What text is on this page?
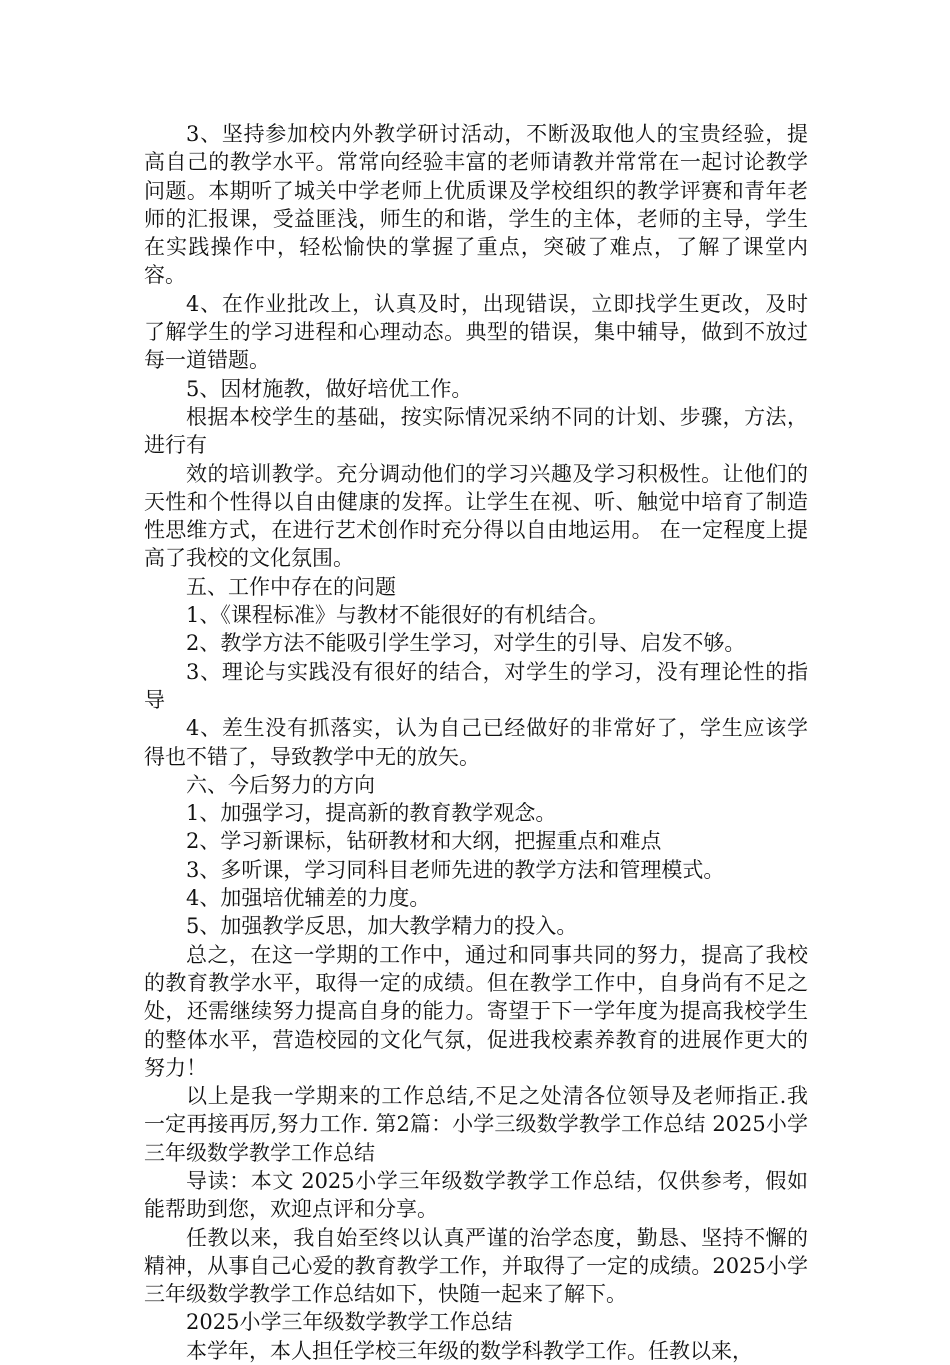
3、坚持参加校内外教学研讨活动，不断汲取他人的宝贵经验，提高自己的教学水平。常常向经验丰富的老师请教并常常在一起讨论教学问题。本期听了城关中学老师上优质课及学校组织的教学评赛和青年老师的汇报课，受益匪浅，师生的和谐，学生的主体，老师的主导，学生在实践操作中，轻松愉快的掌握了重点，突破了难点，了解了课堂内容。

4、在作业批改上，认真及时，出现错误，立即找学生更改，及时了解学生的学习进程和心理动态。典型的错误，集中辅导，做到不放过每一道错题。

5、因材施教，做好培优工作。

根据本校学生的基础，按实际情况采纳不同的计划、步骤，方法，进行有

效的培训教学。充分调动他们的学习兴趣及学习积极性。让他们的天性和个性得以自由健康的发挥。让学生在视、听、触觉中培育了制造性思维方式，在进行艺术创作时充分得以自由地运用。 在一定程度上提高了我校的文化氛围。

五、工作中存在的问题

1、《课程标准》与教材不能很好的有机结合。

2、教学方法不能吸引学生学习，对学生的引导、启发不够。

3、理论与实践没有很好的结合，对学生的学习，没有理论性的指导

4、差生没有抓落实，认为自己已经做好的非常好了，学生应该学得也不错了，导致教学中无的放矢。

六、今后努力的方向

1、加强学习，提高新的教育教学观念。

2、学习新课标，钻研教材和大纲，把握重点和难点

3、多听课，学习同科目老师先进的教学方法和管理模式。

4、加强培优辅差的力度。

5、加强教学反思，加大教学精力的投入。

总之，在这一学期的工作中，通过和同事共同的努力，提高了我校的教育教学水平，取得一定的成绩。但在教学工作中，自身尚有不足之处，还需继续努力提高自身的能力。寄望于下一学年度为提高我校学生的整体水平，营造校园的文化气氛，促进我校素养教育的进展作更大的努力！

以上是我一学期来的工作总结,不足之处清各位领导及老师指正.我一定再接再厉,努力工作. 第2篇：小学三级数学教学工作总结 2025小学三年级数学教学工作总结

导读：本文 2025小学三年级数学教学工作总结，仅供参考，假如能帮助到您，欢迎点评和分享。

任教以来，我自始至终以认真严谨的治学态度，勤恳、坚持不懈的精神，从事自己心爱的教育教学工作，并取得了一定的成绩。2025小学三年级数学教学工作总结如下，快随一起来了解下。

2025小学三年级数学教学工作总结

本学年，本人担任学校三年级的数学科教学工作。任教以来，
